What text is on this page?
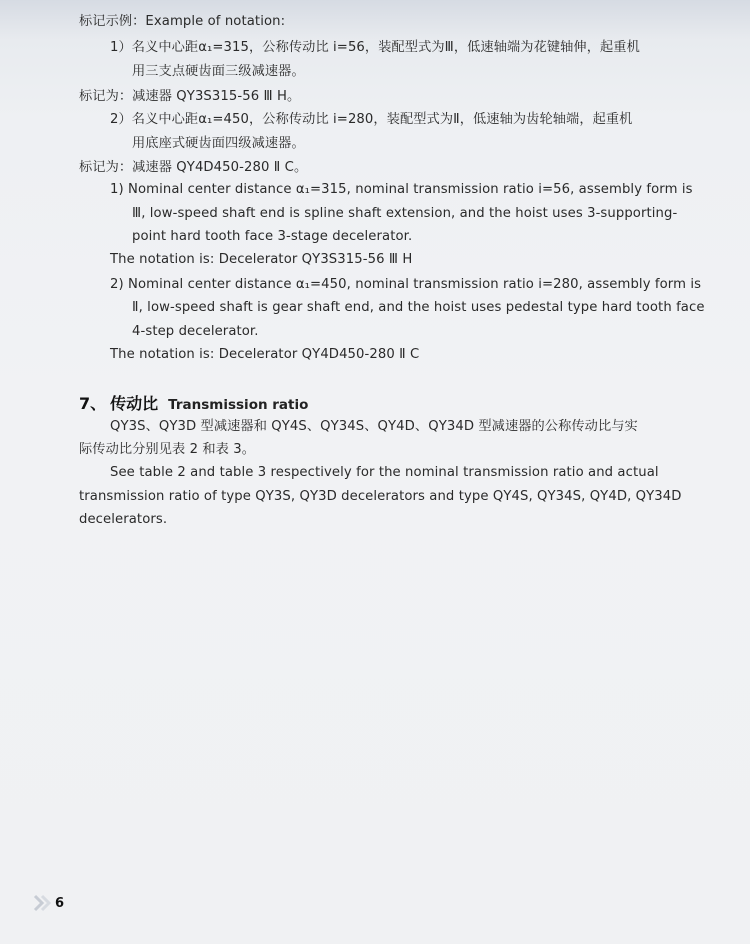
标记示例：Example of notation:
1）名义中心距α₁=315，公称传动比 i=56，装配型式为Ⅲ，低速轴端为花键轴伸，起重机
用三支点硬齿面三级减速器。
标记为：减速器 QY3S315-56 Ⅲ H。
2）名义中心距α₁=450，公称传动比 i=280，装配型式为Ⅱ，低速轴为齿轮轴端，起重机
用底座式硬齿面四级减速器。
标记为：减速器 QY4D450-280 Ⅱ C。
1) Nominal center distance α₁=315, nominal transmission ratio i=56, assembly form is
Ⅲ, low-speed shaft end is spline shaft extension, and the hoist uses 3-supporting-
point hard tooth face 3-stage decelerator.
The notation is: Decelerator QY3S315-56 Ⅲ H
2) Nominal center distance α₁=450, nominal transmission ratio i=280, assembly form is
Ⅱ, low-speed shaft is gear shaft end, and the hoist uses pedestal type hard tooth face
4-step decelerator.
The notation is: Decelerator QY4D450-280 Ⅱ C
7、 传动比 Transmission ratio
QY3S、QY3D 型减速器和 QY4S、QY34S、QY4D、QY34D 型减速器的公称传动比与实
际传动比分别见表 2 和表 3。
See table 2 and table 3 respectively for the nominal transmission ratio and actual
transmission ratio of type QY3S, QY3D decelerators and type QY4S, QY34S, QY4D, QY34D
decelerators.
6
